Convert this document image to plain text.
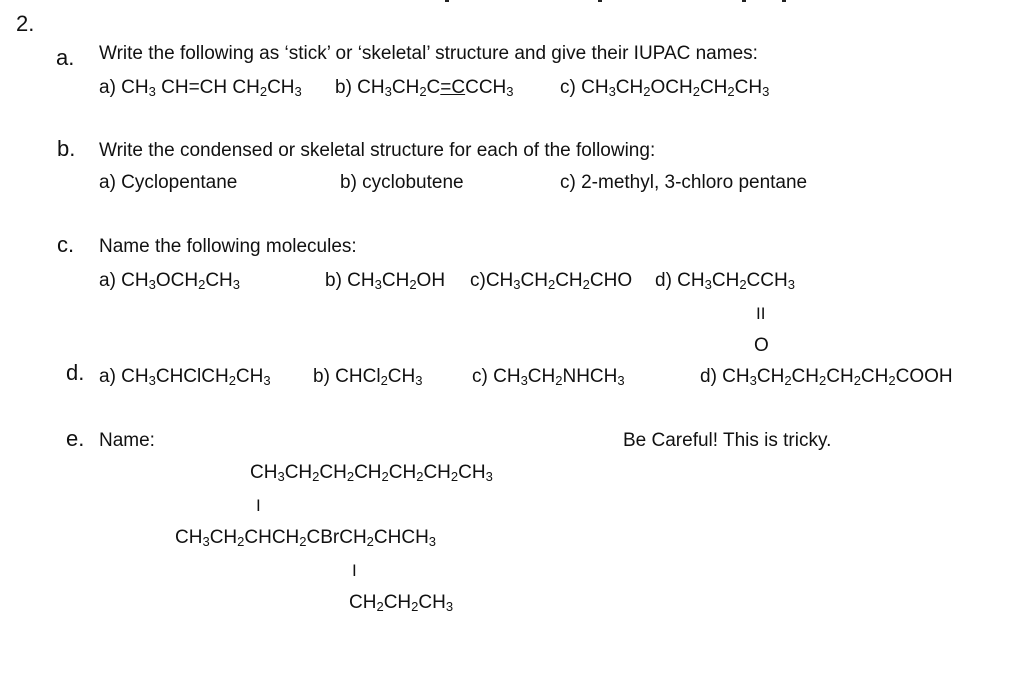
2.
a. Write the following as ‘stick’ or ‘skeletal’ structure and give their IUPAC names:
a) $CH_3$ CH=CH $CH_2CH_3$ b) $CH_3CH_2C=CCCH_3$ c) $CH_3CH_2OCH_2CH_2CH_3$
b. Write the condensed or skeletal structure for each of the following:
a) Cyclopentane	b) cyclobutene	c) 2-methyl, 3-chloro pentane
c. Name the following molecules:
a) $CH_3OCH_2CH_3$	b) $CH_3CH_2OH$ $c)CH_3CH_2CH_2CHO$ d) $CH_3CH_2CCH_3$
II
O
d. a) $CH_3CHClCH_2CH_3$ b) $CHCl_2CH_3$	c) $CH_3CH_2NHCH_3$	d) $CH_3CH_2CH_2CH_2CH_2COOH$
e. Name:	Be Careful! This is tricky.
$CH_3CH_2CH_2CH_2CH_2CH_2CH_3$
I
$CH_3CH_2CHCH_2CBrCH_2CHCH_3$
I
$CH_2CH_2CH_3$
